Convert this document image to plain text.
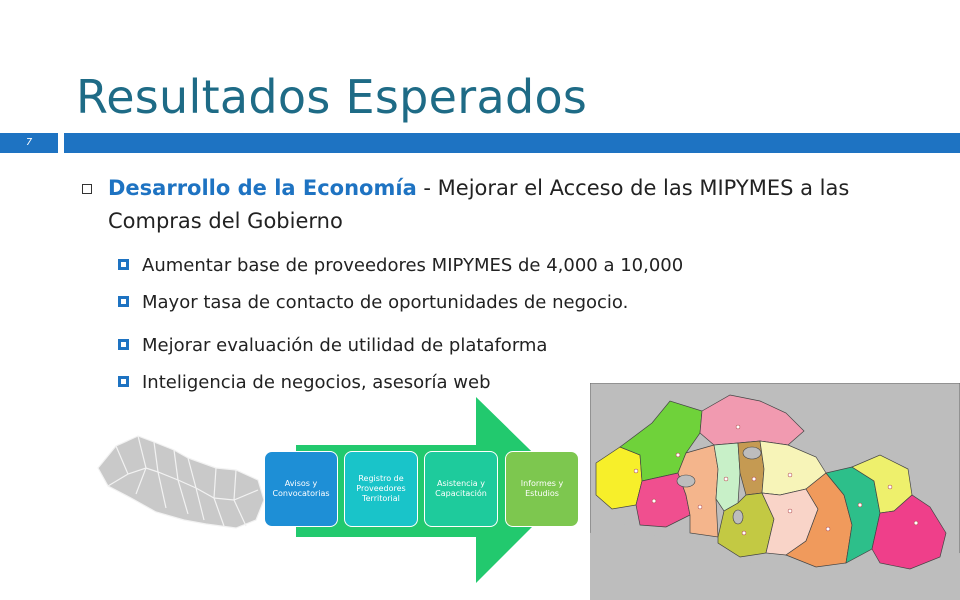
Resultados Esperados
7
Desarrollo de la Economía - Mejorar el Acceso de las MIPYMES a las Compras del Gobierno
Aumentar base de proveedores MIPYMES de 4,000 a 10,000
Mayor tasa de contacto de oportunidades de negocio.
Mejorar evaluación de utilidad de plataforma
Inteligencia de negocios, asesoría web
Avisos y Convocatorias
Registro de Proveedores Territorial
Asistencia y Capacitación
Informes y Estudios
